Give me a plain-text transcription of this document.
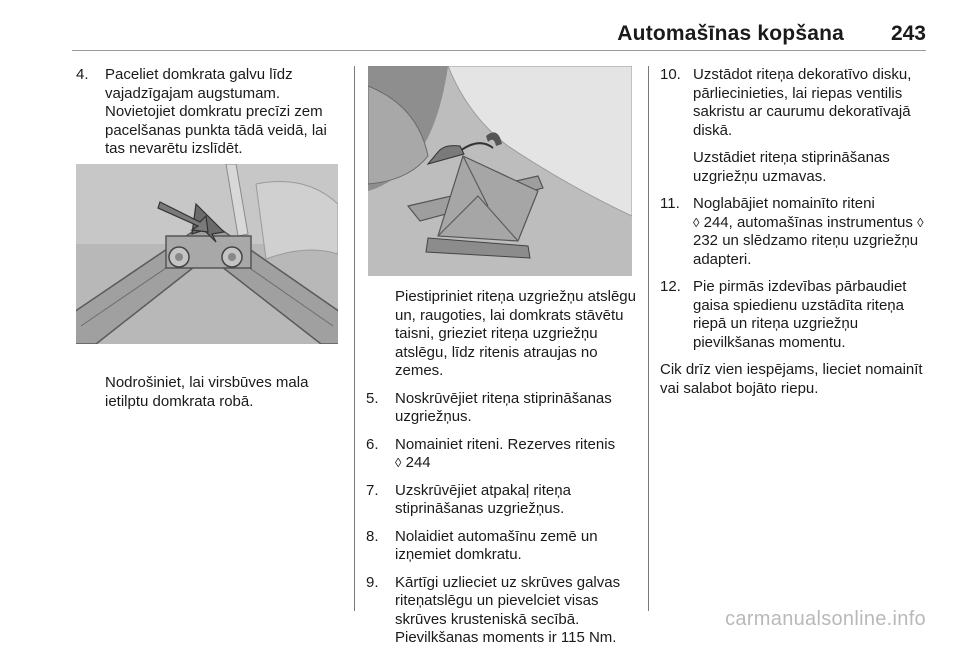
Automašīnas kopšana 243
4.	Paceliet domkrata galvu līdz vajadzīgajam augstumam. Novietojiet domkratu precīzi zem pacelšanas punkta tādā veidā, lai tas nevarētu izslīdēt.
Nodrošiniet, lai virsbūves mala ietilptu domkrata robā.
Piestipriniet riteņa uzgriežņu atslēgu un, raugoties, lai domkrats stāvētu taisni, grieziet riteņa uzgriežņu atslēgu, līdz ritenis atraujas no zemes.
5.	Noskrūvējiet riteņa stiprināšanas uzgriežņus.
6.	Nomainiet riteni. Rezerves ritenis
◊ 244
7.	Uzskrūvējiet atpakaļ riteņa stiprināšanas uzgriežņus.
8.	Nolaidiet automašīnu zemē un izņemiet domkratu.
9.	Kārtīgi uzlieciet uz skrūves galvas riteņatslēgu un pievelciet visas skrūves krusteniskā secībā. Pievilkšanas moments ir 115 Nm.
10. Uzstādot riteņa dekoratīvo disku, pārliecinieties, lai riepas ventilis sakristu ar caurumu dekoratīvajā diskā.
Uzstādiet riteņa stiprināšanas uzgriežņu uzmavas.
11. Noglabājiet nomainīto riteni
◊ 244, automašīnas instrumentus ◊ 232 un slēdzamo riteņu uzgriežņu adapteri.
12. Pie pirmās izdevības pārbaudiet gaisa spiedienu uzstādīta riteņa riepā un riteņa uzgriežņu pievilkšanas momentu.
Cik drīz vien iespējams, lieciet nomainīt vai salabot bojāto riepu.
carmanualsonline.info
